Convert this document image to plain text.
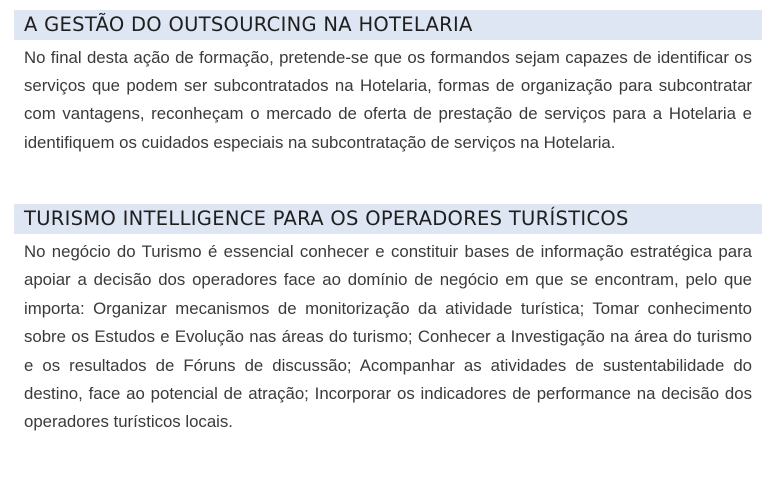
A GESTÃO DO OUTSOURCING NA HOTELARIA
No final desta ação de formação, pretende-se que os formandos sejam capazes de identificar os serviços que podem ser subcontratados na Hotelaria, formas de organização para subcontratar com vantagens, reconheçam o mercado de oferta de prestação de serviços para a Hotelaria e identifiquem os cuidados especiais na subcontratação de serviços na Hotelaria.
TURISMO INTELLIGENCE PARA OS OPERADORES TURÍSTICOS
No negócio do Turismo é essencial conhecer e constituir bases de informação estratégica para apoiar a decisão dos operadores face ao domínio de negócio em que se encontram, pelo que importa: Organizar mecanismos de monitorização da atividade turística; Tomar conhecimento sobre os Estudos e Evolução nas áreas do turismo; Conhecer a Investigação na área do turismo e os resultados de Fóruns de discussão; Acompanhar as atividades de sustentabilidade do destino, face ao potencial de atração; Incorporar os indicadores de performance na decisão dos operadores turísticos locais.
